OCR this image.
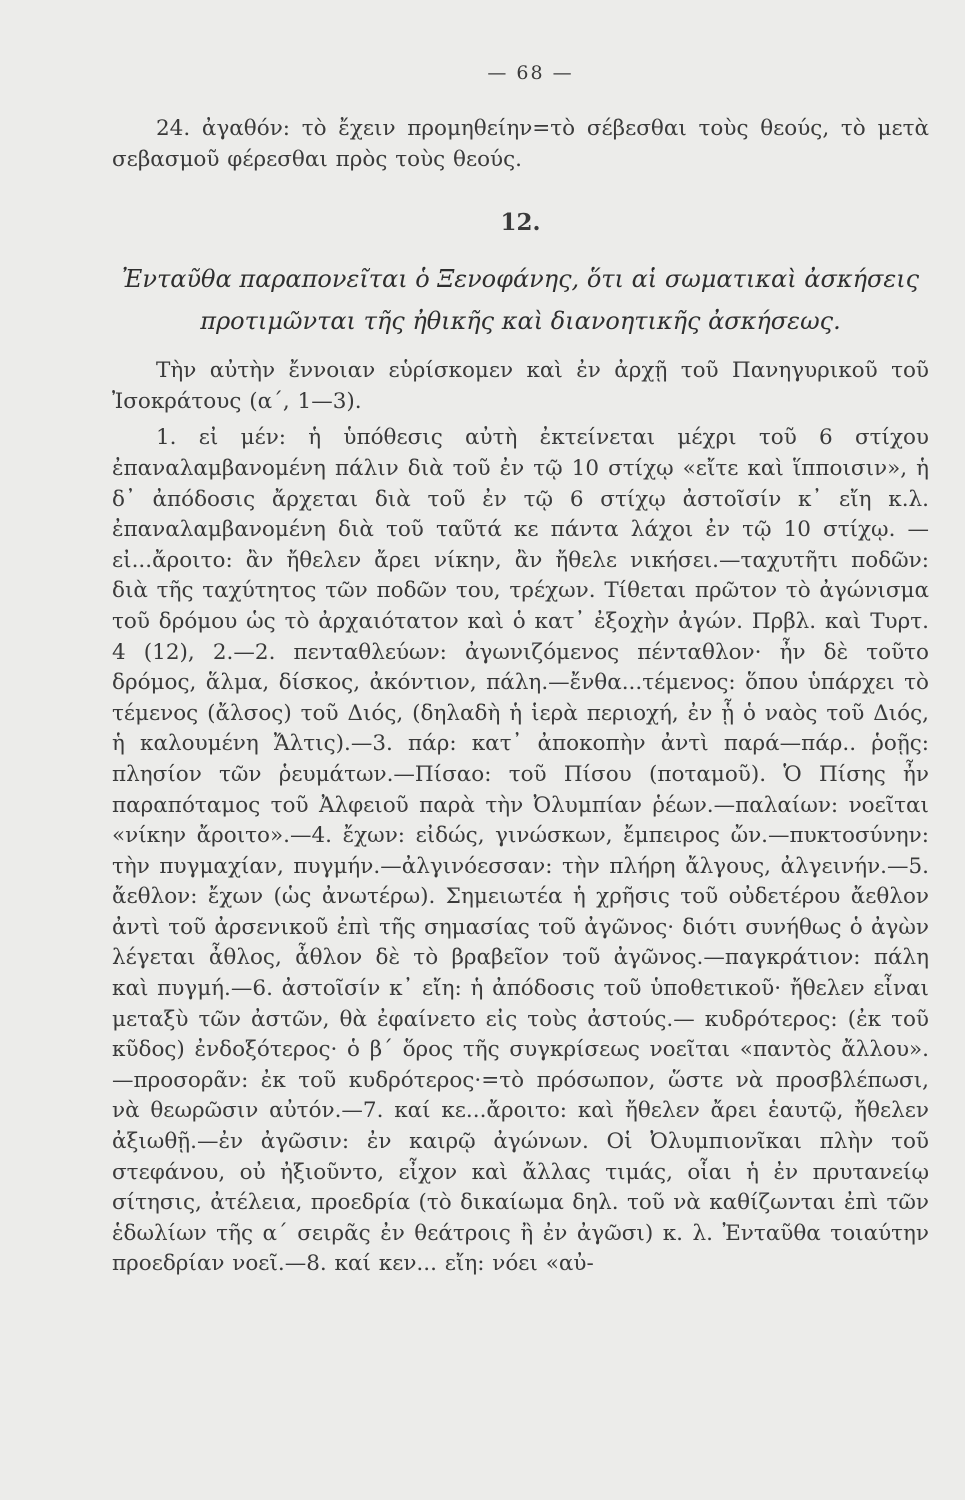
— 68 —

24. ἀγαθόν: τὸ ἔχειν προμηθείην=τὸ σέβεσθαι τοὺς θεούς, τὸ μετὰ σεβασμοῦ φέρεσθαι πρὸς τοὺς θεούς.

12.
Ἐνταῦθα παραπονεῖται ὁ Ξενοφάνης, ὅτι αἱ σωματικαὶ ἀσκήσεις
προτιμῶνται τῆς ἠθικῆς καὶ διανοητικῆς ἀσκήσεως.

Τὴν αὐτὴν ἔννοιαν εὑρίσκομεν καὶ ἐν ἀρχῇ τοῦ Πανηγυρικοῦ τοῦ Ἰσοκράτους (α΄, 1—3).

1. εἰ μέν: ἡ ὑπόθεσις αὐτὴ ἐκτείνεται μέχρι τοῦ 6 στίχου ἐπαναλαμβανομένη πάλιν διὰ τοῦ ἐν τῷ 10 στίχῳ «εἴτε καὶ ἵπποισιν», ἡ δ᾽ ἀπόδοσις ἄρχεται διὰ τοῦ ἐν τῷ 6 στίχῳ ἀστοῖσίν κ᾽ εἴη κ.λ. ἐπαναλαμβανομένη διὰ τοῦ ταῦτά κε πάντα λάχοι ἐν τῷ 10 στίχῳ. — εἰ...ἄροιτο: ἂν ἤθελεν ἄρει νίκην, ἂν ἤθελε νικήσει.—ταχυτῆτι ποδῶν: διὰ τῆς ταχύτητος τῶν ποδῶν του, τρέχων. Τίθεται πρῶτον τὸ ἀγώνισμα τοῦ δρόμου ὡς τὸ ἀρχαιότατον καὶ ὁ κατ᾽ ἐξοχὴν ἀγών. Πρβλ. καὶ Τυρτ. 4 (12), 2.—2. πενταθλεύων: ἀγωνιζόμενος πένταθλον· ἦν δὲ τοῦτο δρόμος, ἅλμα, δίσκος, ἀκόντιον, πάλη.—ἔνθα...τέμενος: ὅπου ὑπάρχει τὸ τέμενος (ἄλσος) τοῦ Διός, (δηλαδὴ ἡ ἱερὰ περιοχή, ἐν ᾗ ὁ ναὸς τοῦ Διός, ἡ καλουμένη Ἄλτις).—3. πάρ: κατ᾽ ἀποκοπὴν ἀντὶ παρά—πάρ.. ῥοῇς: πλησίον τῶν ῥευμάτων.—Πίσαο: τοῦ Πίσου (ποταμοῦ). Ὁ Πίσης ἦν παραπόταμος τοῦ Ἀλφειοῦ παρὰ τὴν Ὀλυμπίαν ῥέων.—παλαίων: νοεῖται «νίκην ἄροιτο».—4. ἔχων: εἰδώς, γινώσκων, ἔμπειρος ὤν.—πυκτοσύνην: τὴν πυγμαχίαν, πυγμήν.—ἀλγινόεσσαν: τὴν πλήρη ἄλγους, ἀλγεινήν.—5. ἄεθλον: ἔχων (ὡς ἀνωτέρω). Σημειωτέα ἡ χρῆσις τοῦ οὐδετέρου ἄεθλον ἀντὶ τοῦ ἀρσενικοῦ ἐπὶ τῆς σημασίας τοῦ ἀγῶνος· διότι συνήθως ὁ ἀγὼν λέγεται ἆθλος, ἆθλον δὲ τὸ βραβεῖον τοῦ ἀγῶνος.—παγκράτιον: πάλη καὶ πυγμή.—6. ἀστοῖσίν κ᾽ εἴη: ἡ ἀπόδοσις τοῦ ὑποθετικοῦ· ἤθελεν εἶναι μεταξὺ τῶν ἀστῶν, θὰ ἐφαίνετο εἰς τοὺς ἀστούς.— κυδρότερος: (ἐκ τοῦ κῦδος) ἐνδοξότερος· ὁ β΄ ὅρος τῆς συγκρίσεως νοεῖται «παντὸς ἄλλου».—προσορᾶν: ἐκ τοῦ κυδρότερος·=τὸ πρόσωπον, ὥστε νὰ προσβλέπωσι, νὰ θεωρῶσιν αὐτόν.—7. καί κε...ἄροιτο: καὶ ἤθελεν ἄρει ἑαυτῷ, ἤθελεν ἀξιωθῇ.—ἐν ἀγῶσιν: ἐν καιρῷ ἀγώνων. Οἱ Ὀλυμπιονῖκαι πλὴν τοῦ στεφάνου, οὐ ἠξιοῦντο, εἶχον καὶ ἄλλας τιμάς, οἷαι ἡ ἐν πρυτανείῳ σίτησις, ἀτέλεια, προεδρία (τὸ δικαίωμα δηλ. τοῦ νὰ καθίζωνται ἐπὶ τῶν ἑδωλίων τῆς α΄ σειρᾶς ἐν θεάτροις ἢ ἐν ἀγῶσι) κ. λ. Ἐνταῦθα τοιαύτην προεδρίαν νοεῖ.—8. καί κεν... εἴη: νόει «αὐ-
